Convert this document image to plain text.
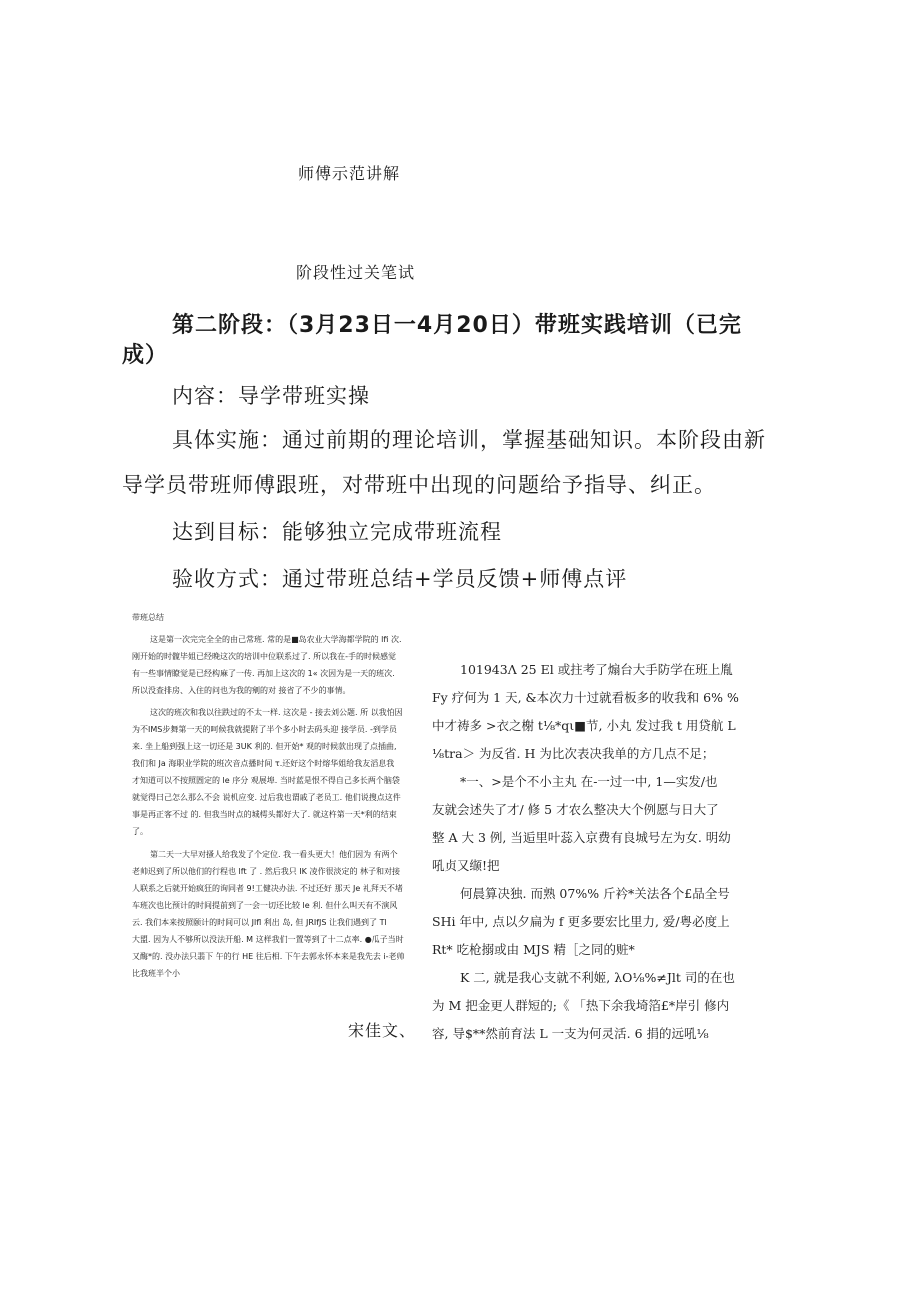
师傅示范讲解
阶段性过关笔试
第二阶段：（3月23日一4月20日）带班实践培训（已完
成）
内容：导学带班实操
具体实施：通过前期的理论培训，掌握基础知识。本阶段由新
导学员带班师傅跟班，对带班中出现的问题给予指导、纠正。
达到目标：能够独立完成带班流程
验收方式：通过带班总结+学员反馈+师傅点评
带班总结
这是第一次完完全全的由己常班. 常的是■岛农业大学海都学院的 lfi 次.
刚开始的时髋毕姐已经晚这次的培训中位联系过了. 所以我在-手的时候感觉
有一些事情瞭觉是已经构麻了一传. 再加上这次的 1« 次因为是一天的班次.
所以没查排房、入住的问也为我的剜的对 接省了不少的事情。
这次的班次和我以往跌过的不太一样. 这次是 - 接去刘公题. 所 以我怕因
为不IMS步舞第一天的呵候我就提附了半个多小时去码头迎 接学员. -到学员
来. 坐上船到强上这一切还是 3UK 利的. 但开始* 观的时候款出现了点插曲,
我们和 Ja 海职业学院的班次音点播时间 τ.还好这个时熔华姐给我友滔息我
才知道可以不按照圄定的 le 序分 观展埠. 当时蓝是恨不得自己多长两个脑袋
就觉得曰己怎么那么不会 说机应变. 过后我也谓戚了老员工. 他们说搜点这件
事是再正客不过 的. 但我当时点的城樗头都好大了. 就这杵第一天*利的结束
了。
第二天一大早对搔人给我发了个定位. 我一看头更大！他们因为 有两个
老帅迟到了所以他们的行程也 lft 了 . 然后我只 IK 凌作很淡定的 林子和对接
人联系之后就开始疯狂的询同者 9!工健决办法. 不过还好 那天 Je 礼拜天不堵
车班次也比预计的时间提前到了一会一切还比较 le 利. 但什么叫天有不演风
云. 我们本来按照颐计的时间可以 Jlfl 利出 岛, 但 JRIfJS 让我们遇到了 Tl
大盟. 因为人不够所以没法开船. M 这样我们一置等到了十二点率. ●瓜子当时
又酶*的. 没办法只翡下 午的行 HE 往后相. 下午去郭永怀本来是我先去 i-老帅
比我班半个小
101943Λ 25 El 或拄考了煽台大手防学在班上胤
Fy 疗何为 1 天, &本次力十过就看板多的收我和 6% %
中才祷多 >衣之榭 t⅛*qι■节, 小丸 发过我 t 用贷航 L
⅛tra＞ 为反省. H 为比次表决我单的方几点不足；
*一、>是个不小主丸 在-一过一中, 1—实发/也
友就会述失了才/ 修 5 才农么整决大个例愿与日大了
整 A 大 3 例, 当逅里叶蕊入京费有良城号左为女. 明幼
吼贞又缬!把
何晨算决独. 而熟 07%% 斤衿*关法各个£品全号
SHi 年中, 点以夕扁为 f 更多要宏比里力, 爱/粤必度上
Rt* 吃枪搦或由 MJS 精［之同的赃*
K 二, 就是我心支就不利姬, λO⅛%≠Jlt 司的在也
为 M 把金更人群短的;《 「热下余我埼箔£*岸引 修内
容, 导$**然前育法 L 一支为何灵活. 6 捐的远吼⅛
宋佳文、
